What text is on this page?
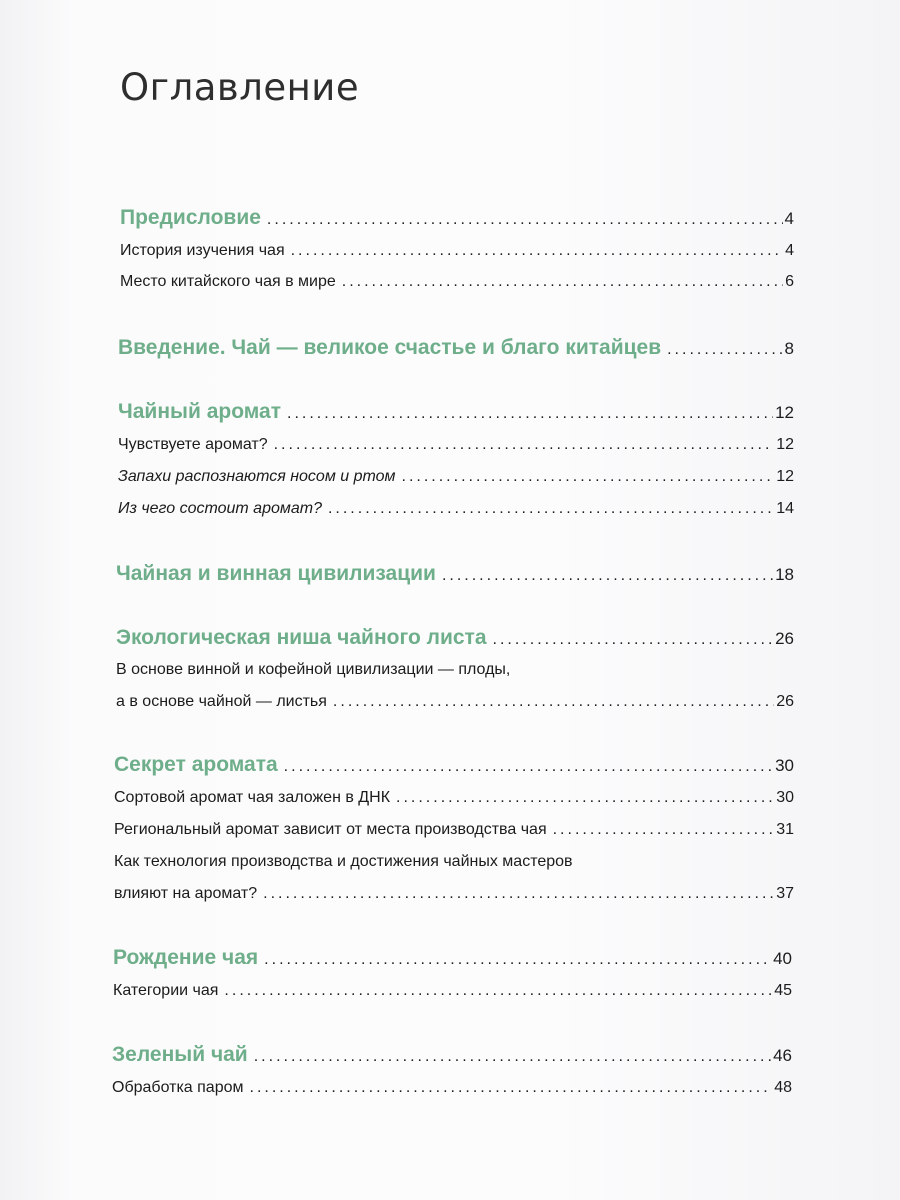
Оглавление
Предисловие .....	4
История изучения чая .....	4
Место китайского чая в мире .....	6
Введение. Чай — великое счастье и благо китайцев .....	8
Чайный аромат .....	12
Чувствуете аромат? .....	12
Запахи распознаются носом и ртом .....	12
Из чего состоит аромат? .....	14
Чайная и винная цивилизации .....	18
Экологическая ниша чайного листа .....	26
В основе винной и кофейной цивилизации — плоды,
а в основе чайной — листья .....	26
Секрет аромата .....	30
Сортовой аромат чая заложен в ДНК .....	30
Региональный аромат зависит от места производства чая .....	31
Как технология производства и достижения чайных мастеров
влияют на аромат? .....	37
Рождение чая .....	40
Категории чая .....	45
Зеленый чай .....	46
Обработка паром .....	48
